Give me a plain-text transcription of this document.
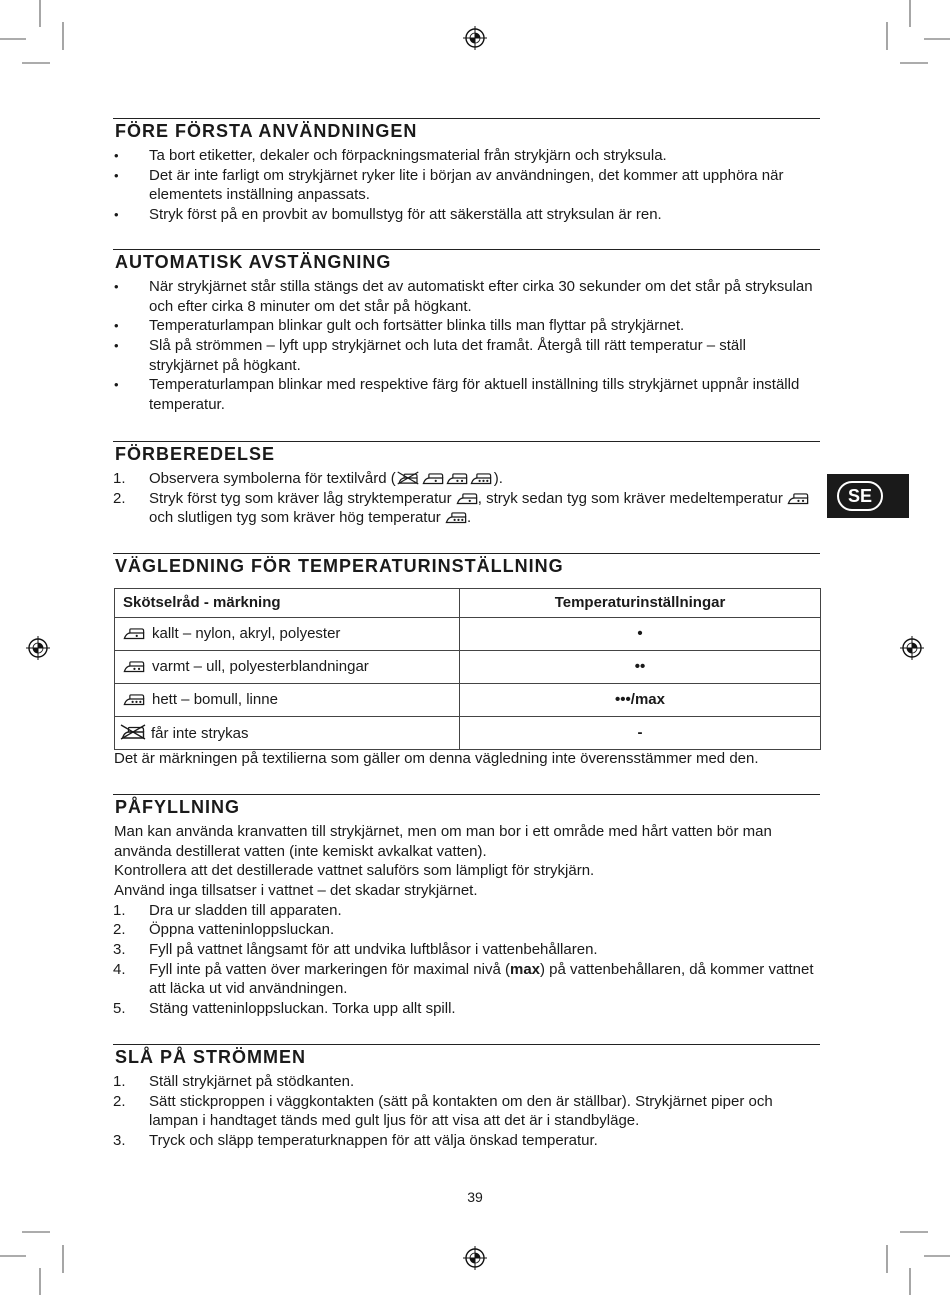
FÖRE FÖRSTA ANVÄNDNINGEN
• Ta bort etiketter, dekaler och förpackningsmaterial från strykjärn och stryksula.
• Det är inte farligt om strykjärnet ryker lite i början av användningen, det kommer att upphöra när
elementets inställning anpassats.
• Stryk först på en provbit av bomullstyg för att säkerställa att stryksulan är ren.
AUTOMATISK AVSTÄNGNING
• När strykjärnet står stilla stängs det av automatiskt efter cirka 30 sekunder om det står på stryksulan
och efter cirka 8 minuter om det står på högkant.
• Temperaturlampan blinkar gult och fortsätter blinka tills man flyttar på strykjärnet.
• Slå på strömmen – lyft upp strykjärnet och luta det framåt. Återgå till rätt temperatur – ställ
strykjärnet på högkant.
• Temperaturlampan blinkar med respektive färg för aktuell inställning tills strykjärnet uppnår inställd
temperatur.
FÖRBEREDELSE
1. Observera symbolerna för textilvård (	).
2. Stryk först tyg som kräver låg stryktemperatur
, stryk sedan tyg som kräver medeltemperatur
och slutligen tyg som kräver hög temperatur
.
SE
VÄGLEDNING FÖR TEMPERATURINSTÄLLNING
Skötselråd - märkning	Temperaturinställningar

kallt – nylon, akryl, polyester	•

varmt – ull, polyesterblandningar	••

hett – bomull, linne	•••/max

får inte strykas	-
Det är märkningen på textilierna som gäller om denna vägledning inte överensstämmer med den.
PÅFYLLNING
Man kan använda kranvatten till strykjärnet, men om man bor i ett område med hårt vatten bör man
använda destillerat vatten (inte kemiskt avkalkat vatten).
Kontrollera att det destillerade vattnet saluförs som lämpligt för strykjärn.
Använd inga tillsatser i vattnet – det skadar strykjärnet.
1. Dra ur sladden till apparaten.
2. Öppna vatteninloppsluckan.
3. Fyll på vattnet långsamt för att undvika luftblåsor i vattenbehållaren.
4. Fyll inte på vatten över markeringen för maximal nivå (max) på vattenbehållaren, då kommer vattnet
att läcka ut vid användningen.
5. Stäng vatteninloppsluckan. Torka upp allt spill.
SLÅ PÅ STRÖMMEN
1. Ställ strykjärnet på stödkanten.
2. Sätt stickproppen i väggkontakten (sätt på kontakten om den är ställbar). Strykjärnet piper och
lampan i handtaget tänds med gult ljus för att visa att det är i standbyläge.
3. Tryck och släpp temperaturknappen för att välja önskad temperatur.
39
